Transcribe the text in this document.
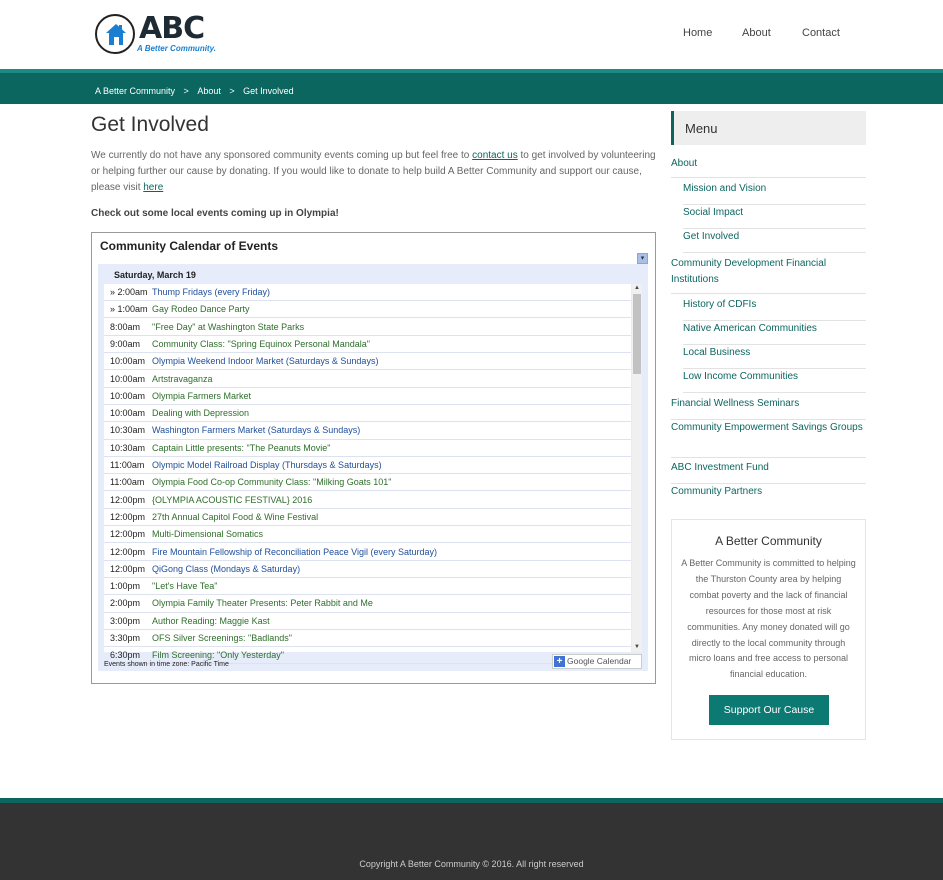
ABC
A Better Community.
Home	About	Contact
A Better Community > About > Get Involved
Get Involved

We currently do not have any sponsored community events coming up but feel free to contact us to get involved by volunteering or helping further our cause by donating. If you would like to donate to help build A Better Community and support our cause, please visit here

Check out some local events coming up in Olympia!
Community Calendar of Events
▾
Saturday, March 19
» 2:00am Thump Fridays (every Friday)
» 1:00am Gay Rodeo Dance Party
8:00am "Free Day" at Washington State Parks
9:00am Community Class: "Spring Equinox Personal Mandala"
10:00am Olympia Weekend Indoor Market (Saturdays & Sundays)
10:00am Artstravaganza
10:00am Olympia Farmers Market
10:00am Dealing with Depression
10:30am Washington Farmers Market (Saturdays & Sundays)
10:30am Captain Little presents: "The Peanuts Movie"
11:00am Olympic Model Railroad Display (Thursdays & Saturdays)
11:00am Olympia Food Co-op Community Class: "Milking Goats 101"
12:00pm {OLYMPIA ACOUSTIC FESTIVAL} 2016
12:00pm 27th Annual Capitol Food & Wine Festival
12:00pm Multi-Dimensional Somatics
12:00pm Fire Mountain Fellowship of Reconciliation Peace Vigil (every Saturday)
12:00pm QiGong Class (Mondays & Saturday)
1:00pm "Let's Have Tea"
2:00pm Olympia Family Theater Presents: Peter Rabbit and Me
3:00pm Author Reading: Maggie Kast
3:30pm OFS Silver Screenings: "Badlands"
6:30pm Film Screening: "Only Yesterday"
▲
▼
Events shown in time zone: Pacific Time	+ Google Calendar
Menu
About
Mission and Vision
Social Impact
Get Involved
Community Development Financial Institutions
History of CDFIs
Native American Communities
Local Business
Low Income Communities
Financial Wellness Seminars
Community Empowerment Savings Groups
ABC Investment Fund
Community Partners
A Better Community
A Better Community is committed to helping the Thurston County area by helping combat poverty and the lack of financial resources for those most at risk communities. Any money donated will go directly to the local community through micro loans and free access to personal financial education.
Support Our Cause
Copyright A Better Community © 2016. All right reserved
